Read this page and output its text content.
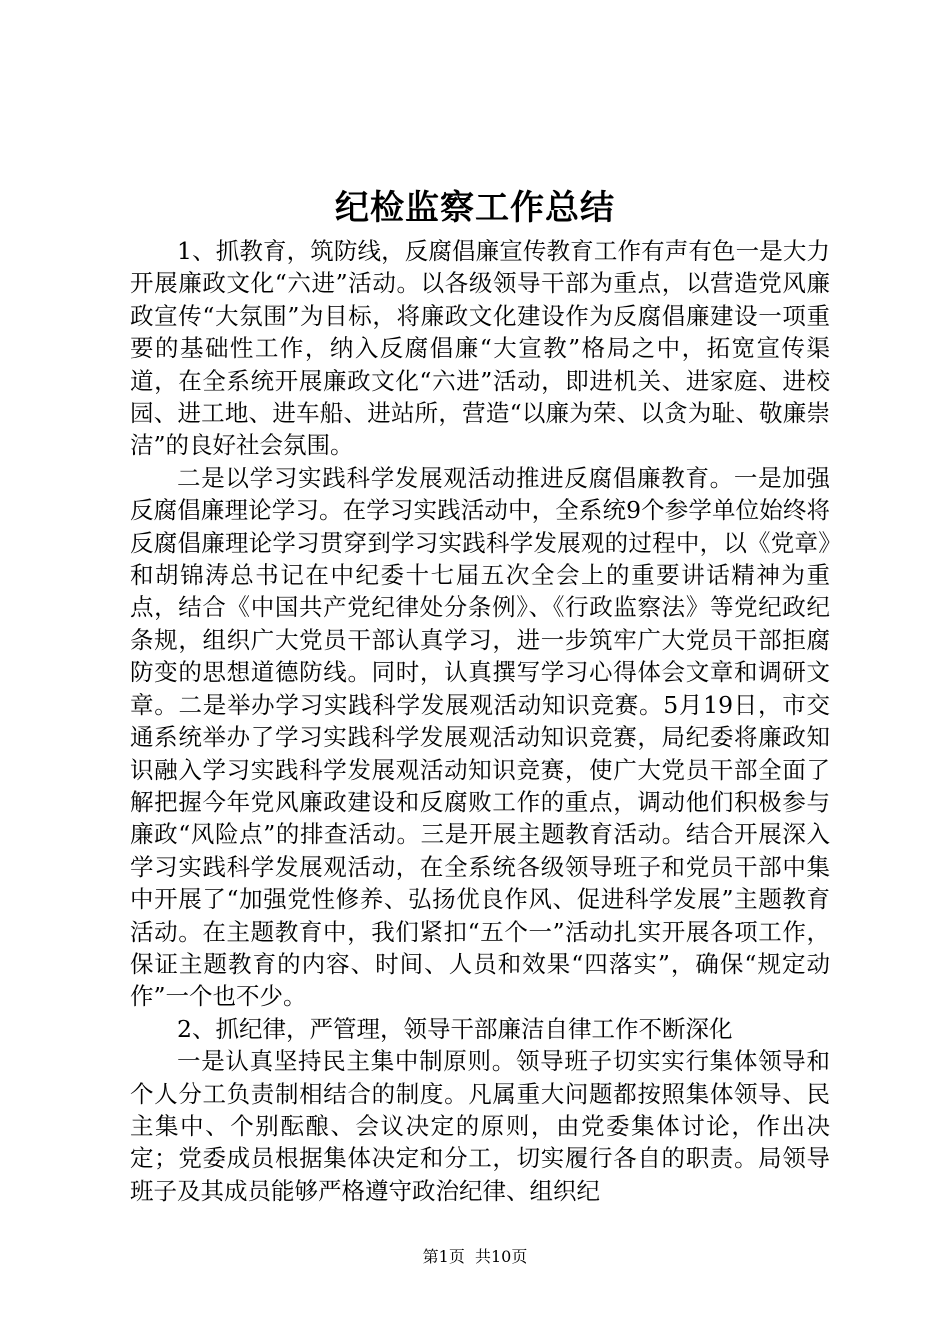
纪检监察工作总结

1、抓教育，筑防线，反腐倡廉宣传教育工作有声有色一是大力开展廉政文化“六进”活动。以各级领导干部为重点，以营造党风廉政宣传“大氛围”为目标，将廉政文化建设作为反腐倡廉建设一项重要的基础性工作，纳入反腐倡廉“大宣教”格局之中，拓宽宣传渠道，在全系统开展廉政文化“六进”活动，即进机关、进家庭、进校园、进工地、进车船、进站所，营造“以廉为荣、以贪为耻、敬廉崇洁”的良好社会氛围。

二是以学习实践科学发展观活动推进反腐倡廉教育。一是加强反腐倡廉理论学习。在学习实践活动中，全系统9个参学单位始终将反腐倡廉理论学习贯穿到学习实践科学发展观的过程中，以《党章》和胡锦涛总书记在中纪委十七届五次全会上的重要讲话精神为重点，结合《中国共产党纪律处分条例》、《行政监察法》等党纪政纪条规，组织广大党员干部认真学习，进一步筑牢广大党员干部拒腐防变的思想道德防线。同时，认真撰写学习心得体会文章和调研文章。二是举办学习实践科学发展观活动知识竞赛。5月19日，市交通系统举办了学习实践科学发展观活动知识竞赛，局纪委将廉政知识融入学习实践科学发展观活动知识竞赛，使广大党员干部全面了解把握今年党风廉政建设和反腐败工作的重点，调动他们积极参与廉政“风险点”的排查活动。三是开展主题教育活动。结合开展深入学习实践科学发展观活动，在全系统各级领导班子和党员干部中集中开展了“加强党性修养、弘扬优良作风、促进科学发展”主题教育活动。在主题教育中，我们紧扣“五个一”活动扎实开展各项工作，保证主题教育的内容、时间、人员和效果“四落实”，确保“规定动作”一个也不少。

2、抓纪律，严管理，领导干部廉洁自律工作不断深化

一是认真坚持民主集中制原则。领导班子切实实行集体领导和个人分工负责制相结合的制度。凡属重大问题都按照集体领导、民主集中、个别酝酿、会议决定的原则，由党委集体讨论，作出决定；党委成员根据集体决定和分工，切实履行各自的职责。局领导班子及其成员能够严格遵守政治纪律、组织纪

第1页  共10页
